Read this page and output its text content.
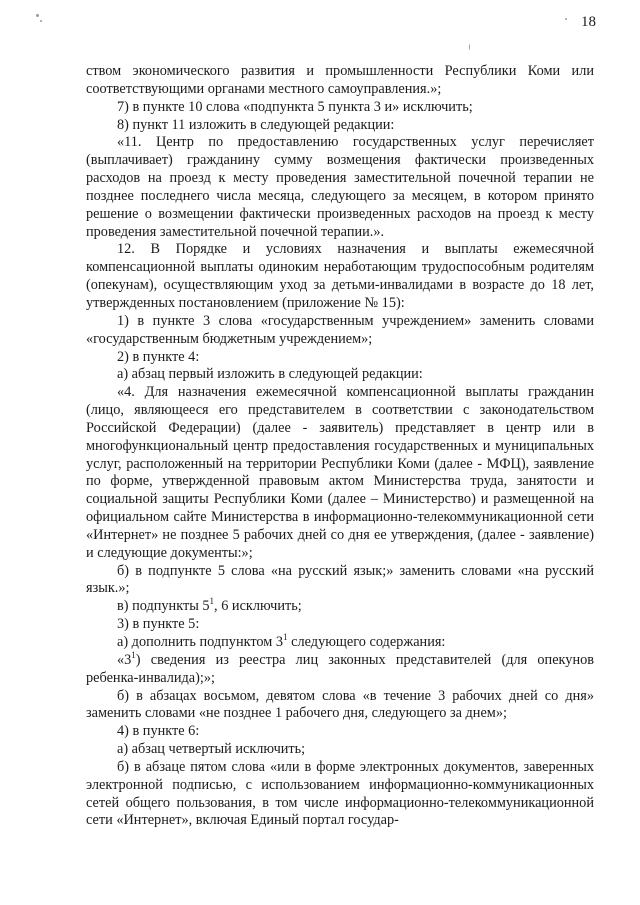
18

ством экономического развития и промышленности Республики Коми или соответствующими органами местного самоуправления.»;

7) в пункте 10 слова «подпункта 5 пункта 3 и» исключить;

8) пункт 11 изложить в следующей редакции:

«11. Центр по предоставлению государственных услуг перечисляет (выплачивает) гражданину сумму возмещения фактически произведенных расходов на проезд к месту проведения заместительной почечной терапии не позднее последнего числа месяца, следующего за месяцем, в котором принято решение о возмещении фактически произведенных расходов на проезд к месту проведения заместительной почечной терапии.».

12. В Порядке и условиях назначения и выплаты ежемесячной компенсационной выплаты одиноким неработающим трудоспособным родителям (опекунам), осуществляющим уход за детьми-инвалидами в возрасте до 18 лет, утвержденных постановлением (приложение № 15):

1) в пункте 3 слова «государственным учреждением» заменить словами «государственным бюджетным учреждением»;

2) в пункте 4:

а) абзац первый изложить в следующей редакции:

«4. Для назначения ежемесячной компенсационной выплаты гражданин (лицо, являющееся его представителем в соответствии с законодательством Российской Федерации) (далее - заявитель) представляет в центр или в многофункциональный центр предоставления государственных и муниципальных услуг, расположенный на территории Республики Коми (далее - МФЦ), заявление по форме, утвержденной правовым актом Министерства труда, занятости и социальной защиты Республики Коми (далее – Министерство) и размещенной на официальном сайте Министерства в информационно-телекоммуникационной сети «Интернет» не позднее 5 рабочих дней со дня ее утверждения, (далее - заявление) и следующие документы:»;

б) в подпункте 5 слова «на русский язык;» заменить словами «на русский язык.»;

в) подпункты $5^1$, 6 исключить;

3) в пункте 5:

а) дополнить подпунктом $3^1$ следующего содержания:

«$3^1$) сведения из реестра лиц законных представителей (для опекунов ребенка-инвалида);»;

б) в абзацах восьмом, девятом слова «в течение 3 рабочих дней со дня» заменить словами «не позднее 1 рабочего дня, следующего за днем»;

4) в пункте 6:

а) абзац четвертый исключить;

б) в абзаце пятом слова «или в форме электронных документов, заверенных электронной подписью, с использованием информационно-коммуникационных сетей общего пользования, в том числе информационно-телекоммуникационной сети «Интернет», включая Единый портал государ-
